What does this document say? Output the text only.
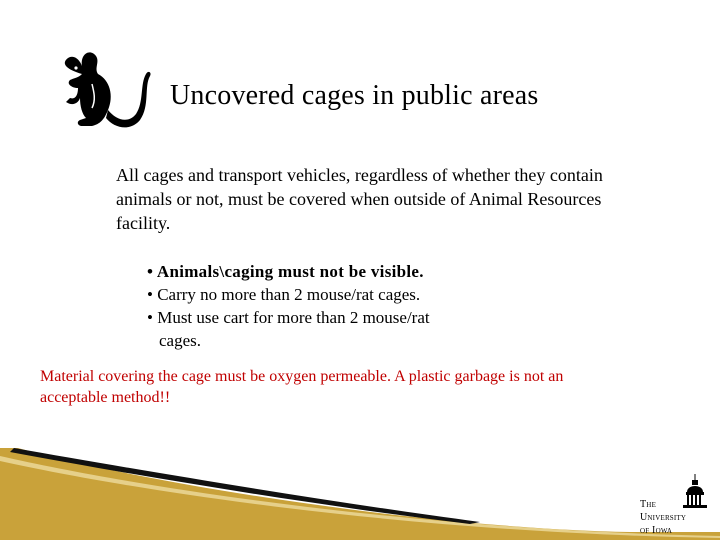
Uncovered cages in public areas
All cages and transport vehicles, regardless of whether they contain animals or not, must be covered when outside of Animal Resources facility.

• Animals\caging must not be visible.

• Carry no more than 2 mouse/rat cages.

• Must use cart for more than 2 mouse/rat

cages.

Material covering the cage must be oxygen permeable. A plastic garbage is not an acceptable method!!
The
University
of Iowa
